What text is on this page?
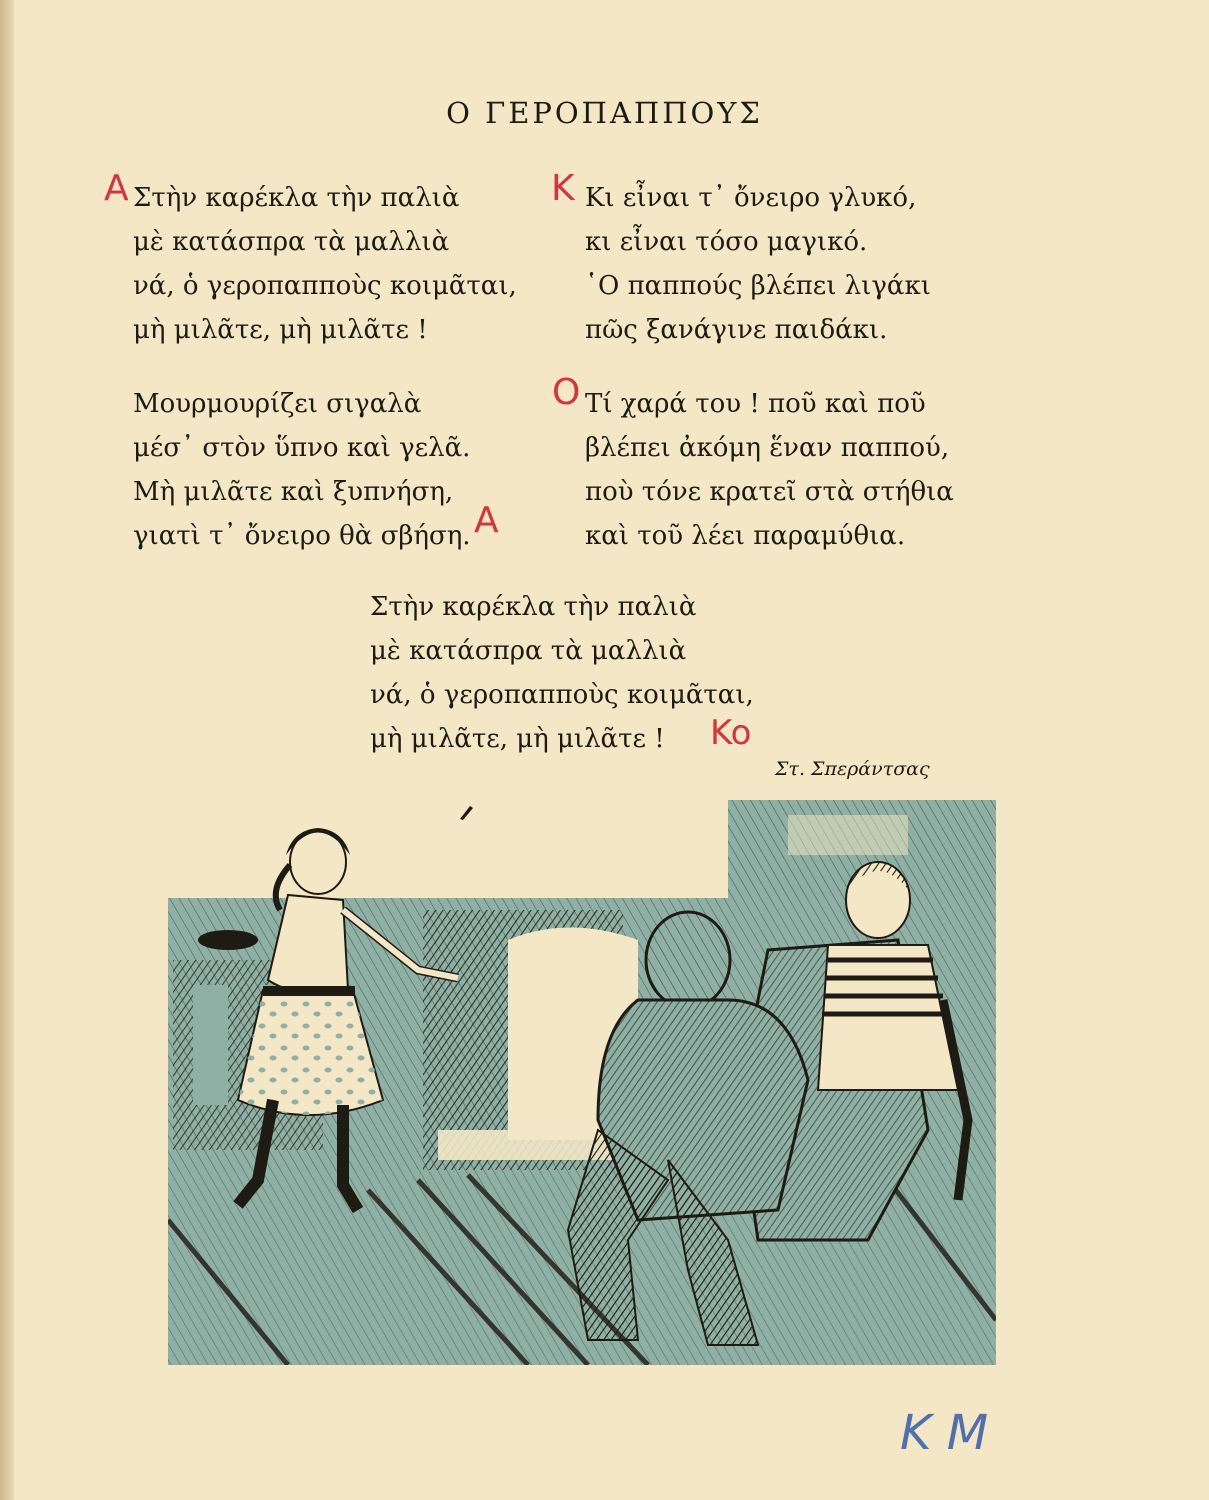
Ο ΓΕΡΟΠΑΠΠΟΥΣ
Στὴν καρέκλα τὴν παλιὰ
μὲ κατάσπρα τὰ μαλλιὰ
νά, ὁ γεροπαπποὺς κοιμᾶται,
μὴ μιλᾶτε, μὴ μιλᾶτε !
Μουρμουρίζει σιγαλὰ
μέσ᾽ στὸν ὕπνο καὶ γελᾶ.
Μὴ μιλᾶτε καὶ ξυπνήση,
γιατὶ τ᾽ ὄνειρο θὰ σβήση.
Κι εἶναι τ᾽ ὄνειρο γλυκό,
κι εἶναι τόσο μαγικό.
῾Ο παππούς βλέπει λιγάκι
πῶς ξανάγινε παιδάκι.
Τί χαρά του ! ποῦ καὶ ποῦ
βλέπει ἀκόμη ἕναν παππού,
ποὺ τόνε κρατεῖ στὰ στήθια
καὶ τοῦ λέει παραμύθια.
Στὴν καρέκλα τὴν παλιὰ
μὲ κατάσπρα τὰ μαλλιὰ
νά, ὁ γεροπαπποὺς κοιμᾶται,
μὴ μιλᾶτε, μὴ μιλᾶτε !
Στ. Σπεράντσας
A
A
K
O
Ko
K M
